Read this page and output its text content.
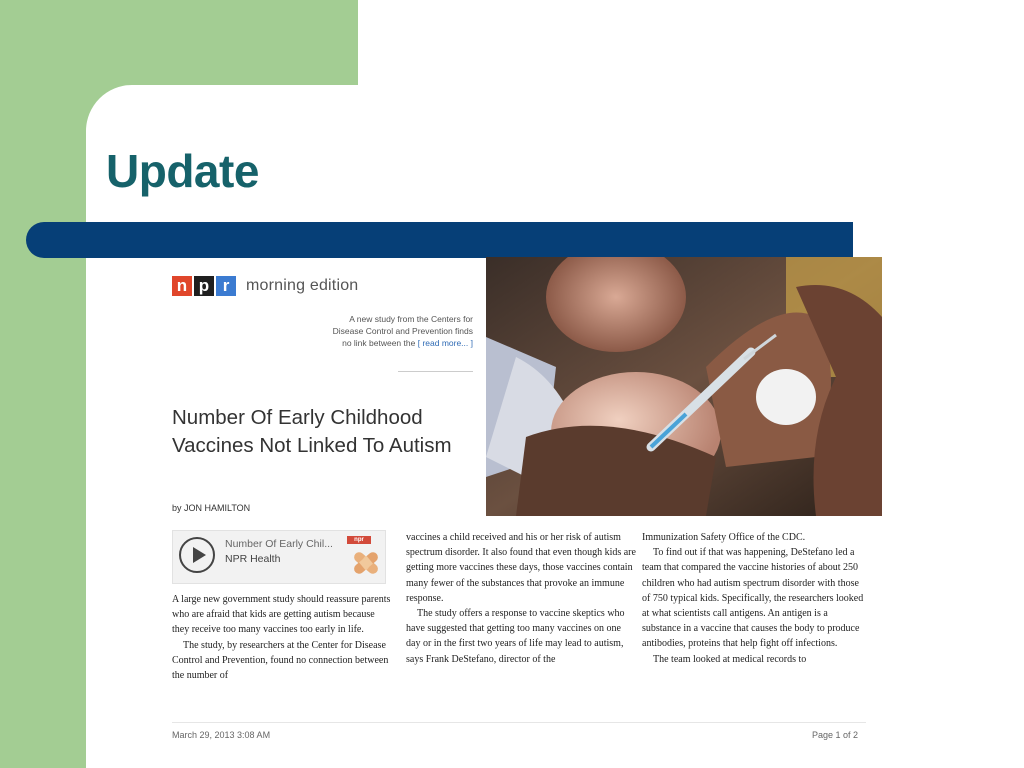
Update
n p r	morning edition
A new study from the Centers for Disease Control and Prevention finds no link between the [ read more... ]
Number Of Early Childhood Vaccines Not Linked To Autism
by JON HAMILTON
Number Of Early Chil...
NPR Health
npr

A large new government study should reassure parents who are afraid that kids are getting autism because they receive too many vaccines too early in life.

The study, by researchers at the Center for Disease Control and Prevention, found no connection between the number of

vaccines a child received and his or her risk of autism spectrum disorder. It also found that even though kids are getting more vaccines these days, those vaccines contain many fewer of the substances that provoke an immune response.

The study offers a response to vaccine skeptics who have suggested that getting too many vaccines on one day or in the first two years of life may lead to autism, says Frank DeStefano, director of the

Immunization Safety Office of the CDC.

To find out if that was happening, DeStefano led a team that compared the vaccine histories of about 250 children who had autism spectrum disorder with those of 750 typical kids. Specifically, the researchers looked at what scientists call antigens. An antigen is a substance in a vaccine that causes the body to produce antibodies, proteins that help fight off infections.

The team looked at medical records to

March 29, 2013 3:08 AM	Page 1 of 2
